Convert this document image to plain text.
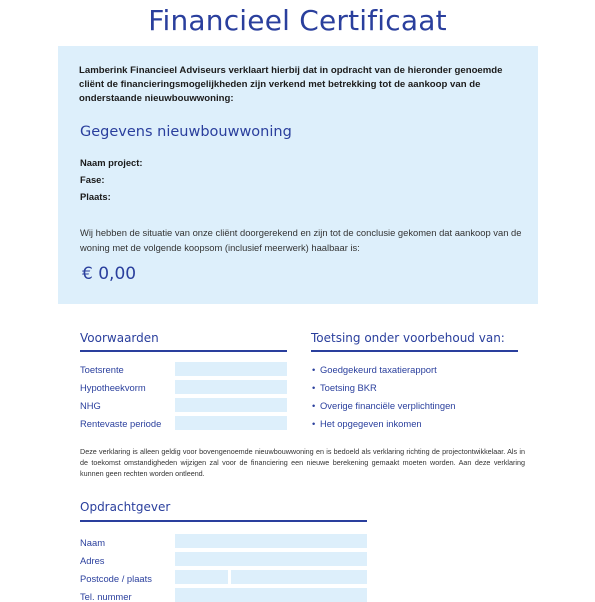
Financieel Certificaat
Lamberink Financieel Adviseurs verklaart hierbij dat in opdracht van de hieronder genoemde cliënt de financieringsmogelijkheden zijn verkend met betrekking tot de aankoop van de onderstaande nieuwbouwwoning:
Gegevens nieuwbouwwoning
Naam project:
Fase:
Plaats:
Wij hebben de situatie van onze cliënt doorgerekend en zijn tot de conclusie gekomen dat aankoop van de woning met de volgende koopsom (inclusief meerwerk) haalbaar is:
€ 0,00
Voorwaarden
Toetsrente
Hypotheekvorm
NHG
Rentevaste periode
Toetsing onder voorbehoud van:
• Goedgekeurd taxatierapport
• Toetsing BKR
• Overige financiële verplichtingen
• Het opgegeven inkomen
Deze verklaring is alleen geldig voor bovengenoemde nieuwbouwwoning en is bedoeld als verklaring richting de projectontwikkelaar. Als in de toekomst omstandigheden wijzigen zal voor de financiering een nieuwe berekening gemaakt moeten worden. Aan deze verklaring kunnen geen rechten worden ontleend.
Opdrachtgever
Naam
Adres
Postcode / plaats
Tel. nummer
